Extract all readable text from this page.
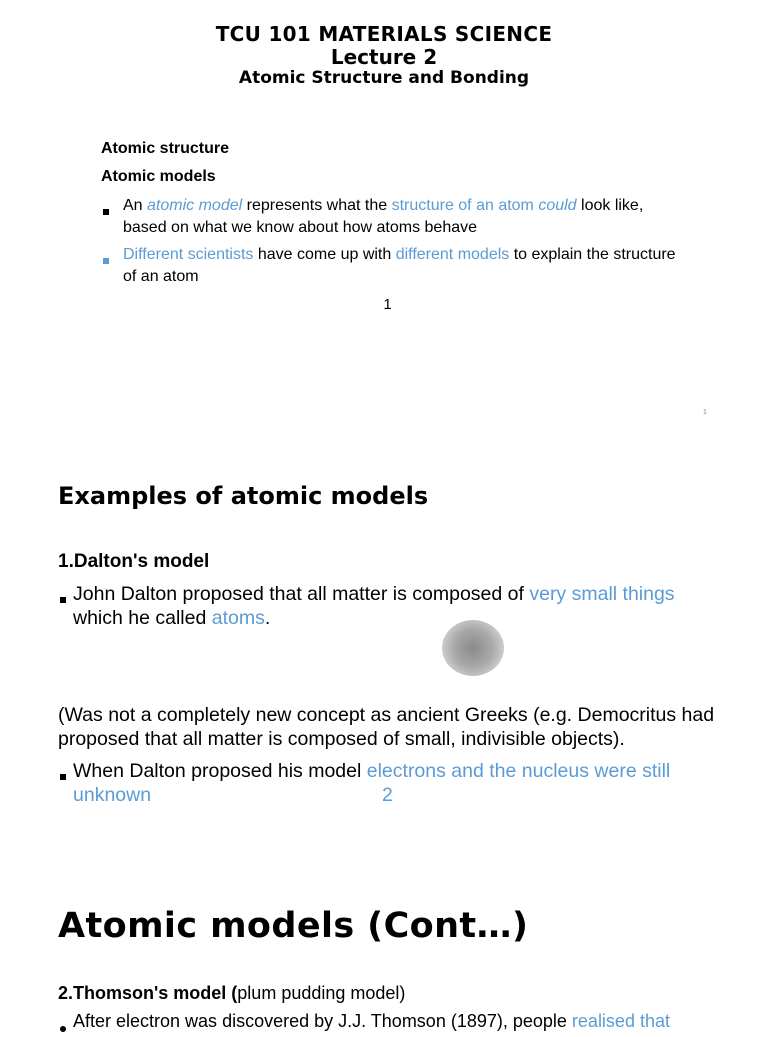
TCU 101 MATERIALS SCIENCE
Lecture 2
Atomic Structure and Bonding
Atomic structure
Atomic models
An atomic model represents what the structure of an atom could look like, based on what we know about how atoms behave
Different scientists have come up with different models to explain the structure of an atom
1
1
Examples of atomic models
1.Dalton's model
John Dalton proposed that all matter is composed of very small things which he called atoms.
(Was not a completely new concept as ancient Greeks (e.g. Democritus had proposed that all matter is composed of small, indivisible objects).
When Dalton proposed his model electrons and the nucleus were still unknown	2
Atomic models (Cont…)
2.Thomson's model (plum pudding model)
After electron was discovered by J.J. Thomson (1897), people realised that
